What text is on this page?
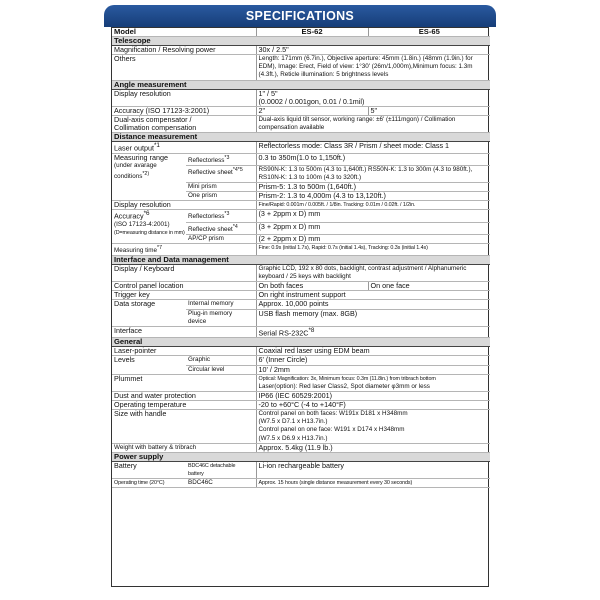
SPECIFICATIONS
Model		ES-62	ES-65
Telescope			
Magnification / Resolving power		30x / 2.5"	
Others		Length: 171mm (6.7in.), Objective aperture: 45mm (1.8in.) (48mm (1.9in.) for EDM), Image: Erect, Field of view: 1°30' (26m/1,000m),Minimum focus: 1.3m (4.3ft.), Reticle illumination: 5 brightness levels	
Angle measurement			
Display resolution		1" / 5"
(0.0002 / 0.001gon, 0.01 / 0.1mil)	

Accuracy (ISO 17123-3:2001)		2"	5"

Dual-axis compensator /
Collimation compensation		Dual-axis liquid tilt sensor, working range: ±6' (±111mgon) / Collimation compensation available	
Distance measurement			
Laser output$^{*1}$		Reflectorless mode: Class 3R / Prism / sheet mode: Class 1	

Measuring range
(under avarage
conditions$^{*2)}$	Reflectorless$^{*3}$	0.3 to 350m(1.0 to 1,150ft.)	
	Reflective sheet$^{*4*5}$	RS90N-K: 1.3 to 500m (4.3 to 1,640ft.) RS50N-K: 1.3 to 300m (4.3 to 980ft.), RS10N-K: 1.3 to 100m (4.3 to 320ft.)	
	Mini prism	Prism-5: 1.3 to 500m (1,640ft.)	
	One prism	Prism-2: 1.3 to 4,000m (4.3 to 13,120ft.)	
Display resolution		Fine/Rapid: 0.001m / 0.005ft. / 1/8in. Tracking: 0.01m / 0.02ft. / 1/2in.	

Accuracy$^{*6}$
(ISO 17123-4:2001)
(D=measuring distance in mm)	Reflectorless$^{*3}$	(3 + 2ppm x D) mm	
	Reflective sheet$^{*4}$	(3 + 2ppm x D) mm	
	AP/CP prism	(2 + 2ppm x D) mm	
Measuring time$^{*7}$		Fine: 0.9s (initial 1.7s), Rapid: 0.7s (initial 1.4s), Tracking: 0.3s (initial 1.4s)	
Interface and Data management			
Display / Keyboard		Graphic LCD, 192 x 80 dots, backlight, contrast adjustment / Alphanumeric keyboard / 25 keys with backlight	
Control panel location		On both faces	On one face
Trigger key		On right instrument support	
Data storage	Internal memory	Approx. 10,000 points	

	Plug-in memory
device	USB flash memory (max. 8GB)	
Interface		Serial $RS-232C^{*8}$
General			
Laser-pointer		Coaxial red laser using EDM beam	
Levels	Graphic	6' (Inner Circle)	
	Circular level	10' / 2mm	
Plummet		Optical: Magnification: 3x, Minimum focus: 0.3m (11.8in.) from tribrach bottom
Laser(option): Red laser Class2, Spot diameter φ3mm or less	

Dust and water protection		IP66 (IEC 60529:2001)	
Operating temperature		-20 to +60°C (-4 to +140°F)	
Size with handle		Control panel on both faces: W191x D181 x H348mm
(W7.5 x D7.1 x H13.7in.)
Control panel on one face: W191 x D174 x H348mm
(W7.5 x D6.9 x H13.7in.)	

Weight with battery & tribrach		Approx. 5.4kg (11.9 lb.)	
Power supply			
Battery	BDC46C detachable
battery	Li-ion rechargeable battery	
Operating time (20°C)	BDC46C	Approx. 15 hours (single distance measurement every 30 seconds)	
